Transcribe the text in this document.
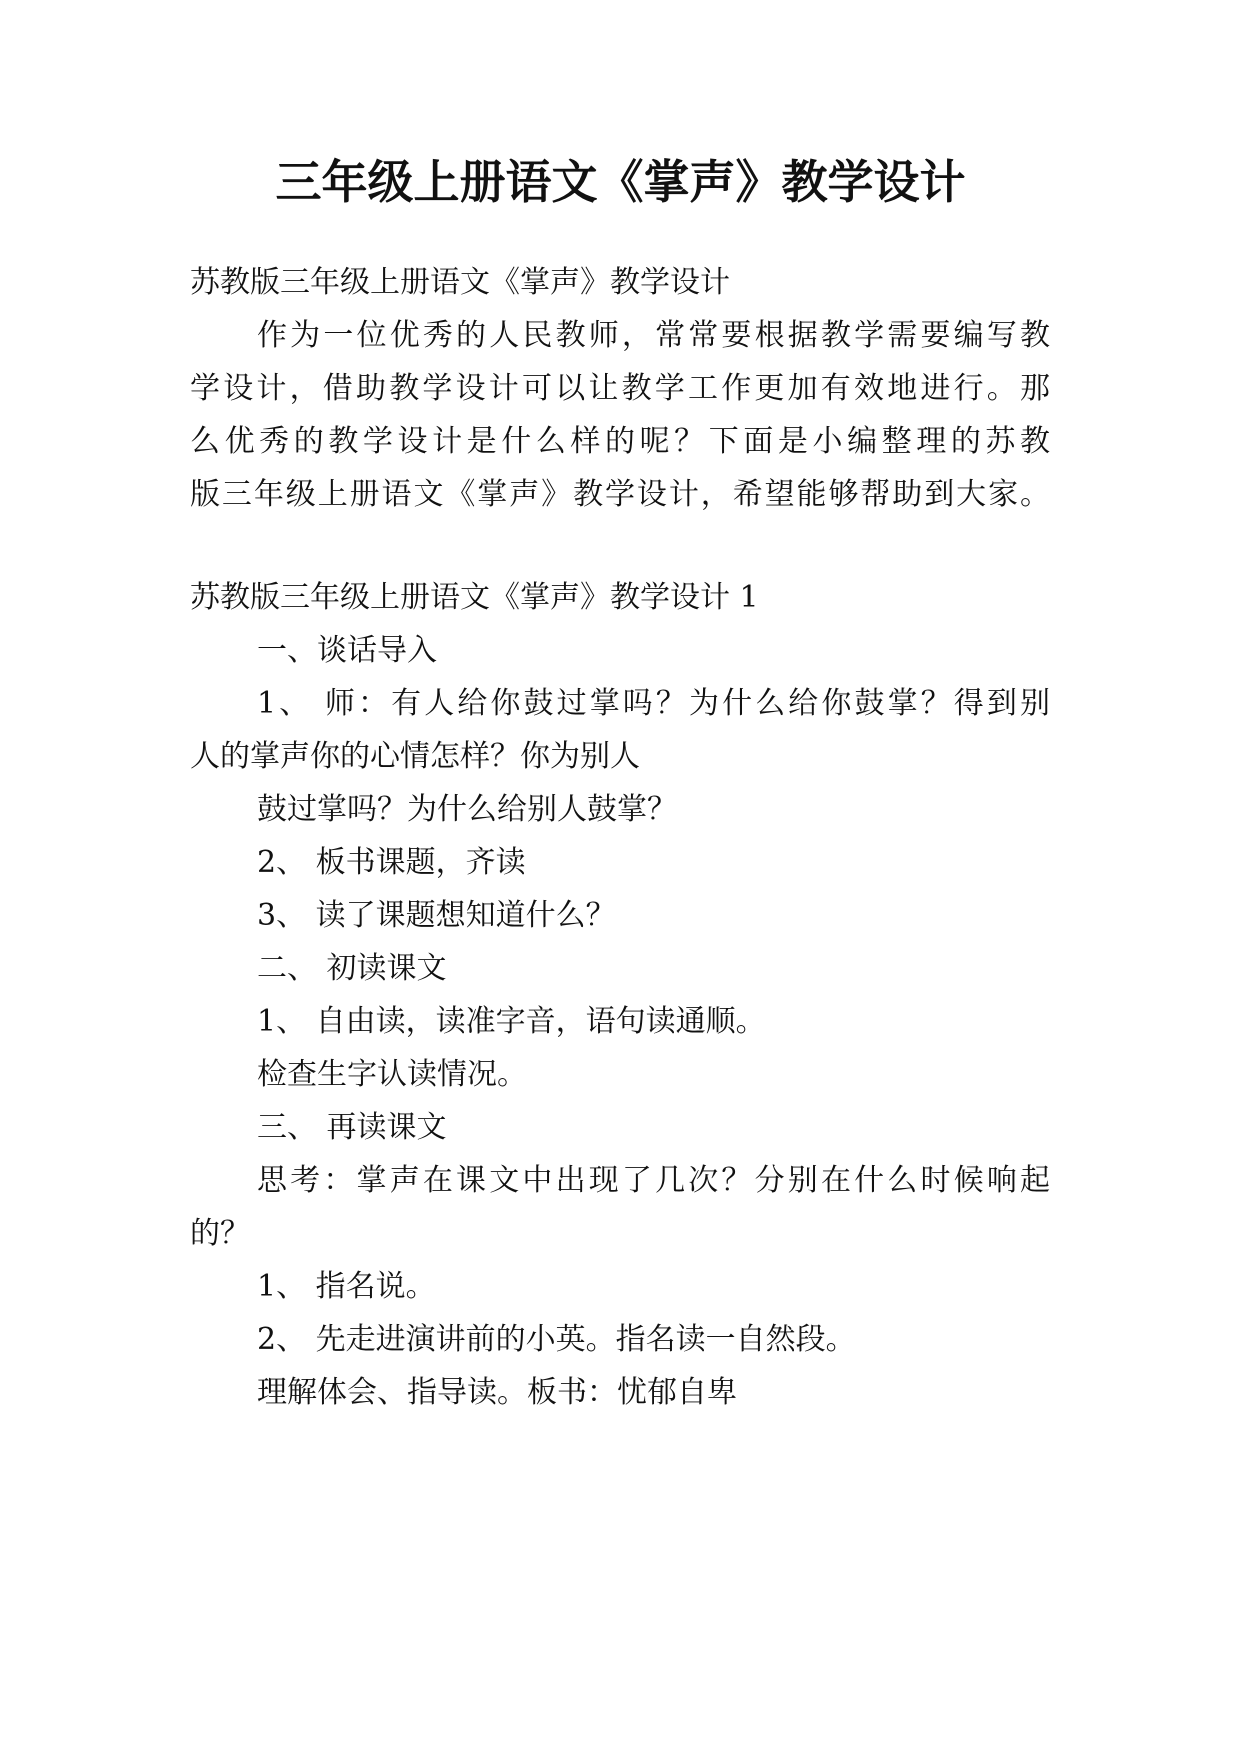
三年级上册语文《掌声》教学设计

苏教版三年级上册语文《掌声》教学设计

作为一位优秀的人民教师，常常要根据教学需要编写教

学设计，借助教学设计可以让教学工作更加有效地进行。那

么优秀的教学设计是什么样的呢？下面是小编整理的苏教

版三年级上册语文《掌声》教学设计，希望能够帮助到大家。

苏教版三年级上册语文《掌声》教学设计 1

一、谈话导入

1、 师：有人给你鼓过掌吗？为什么给你鼓掌？得到别

人的掌声你的心情怎样？你为别人

鼓过掌吗？为什么给别人鼓掌？

2、 板书课题，齐读

3、 读了课题想知道什么？

二、 初读课文

1、 自由读，读准字音，语句读通顺。

检查生字认读情况。

三、 再读课文

思考：掌声在课文中出现了几次？分别在什么时候响起

的？

1、 指名说。

2、 先走进演讲前的小英。指名读一自然段。

理解体会、指导读。板书：忧郁自卑
